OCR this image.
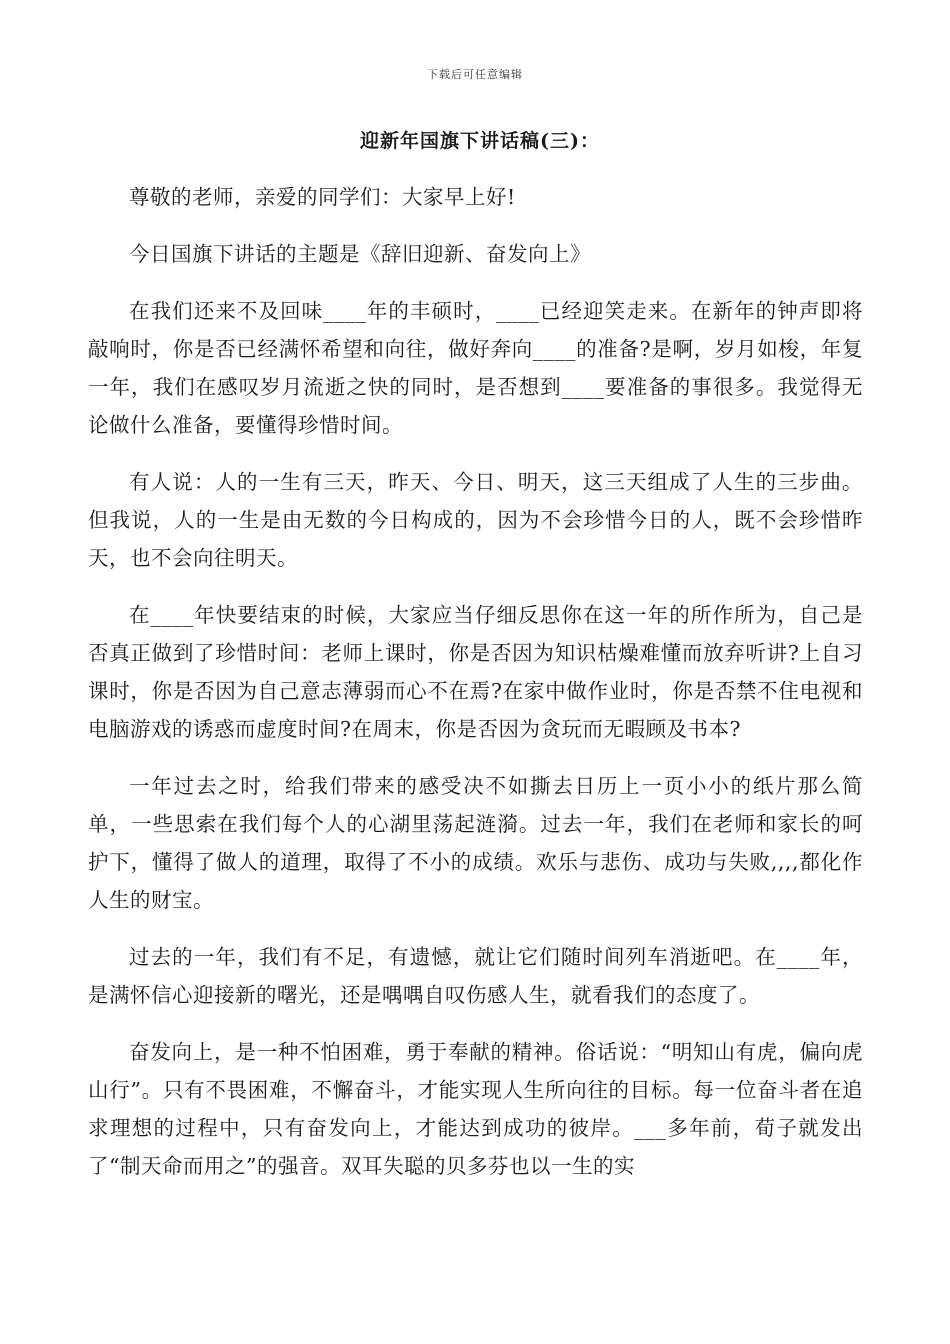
下载后可任意编辑
迎新年国旗下讲话稿(三)：

尊敬的老师，亲爱的同学们：大家早上好!

今日国旗下讲话的主题是《辞旧迎新、奋发向上》

在我们还来不及回味____年的丰硕时，____已经迎笑走来。在新年的钟声即将敲响时，你是否已经满怀希望和向往，做好奔向____的准备?是啊，岁月如梭，年复一年，我们在感叹岁月流逝之快的同时，是否想到____要准备的事很多。我觉得无论做什么准备，要懂得珍惜时间。

有人说：人的一生有三天，昨天、今日、明天，这三天组成了人生的三步曲。但我说，人的一生是由无数的今日构成的，因为不会珍惜今日的人，既不会珍惜昨天，也不会向往明天。

在____年快要结束的时候，大家应当仔细反思你在这一年的所作所为，自己是否真正做到了珍惜时间：老师上课时，你是否因为知识枯燥难懂而放弃听讲?上自习课时，你是否因为自己意志薄弱而心不在焉?在家中做作业时，你是否禁不住电视和电脑游戏的诱惑而虚度时间?在周末，你是否因为贪玩而无暇顾及书本?

一年过去之时，给我们带来的感受决不如撕去日历上一页小小的纸片那么简单，一些思索在我们每个人的心湖里荡起涟漪。过去一年，我们在老师和家长的呵护下，懂得了做人的道理，取得了不小的成绩。欢乐与悲伤、成功与失败,,,,都化作人生的财宝。

过去的一年，我们有不足，有遗憾，就让它们随时间列车消逝吧。在____年，是满怀信心迎接新的曙光，还是喁喁自叹伤感人生，就看我们的态度了。

奋发向上，是一种不怕困难，勇于奉献的精神。俗话说：“明知山有虎，偏向虎山行”。只有不畏困难，不懈奋斗，才能实现人生所向往的目标。每一位奋斗者在追求理想的过程中，只有奋发向上，才能达到成功的彼岸。___多年前，荀子就发出了“制天命而用之”的强音。双耳失聪的贝多芬也以一生的实
